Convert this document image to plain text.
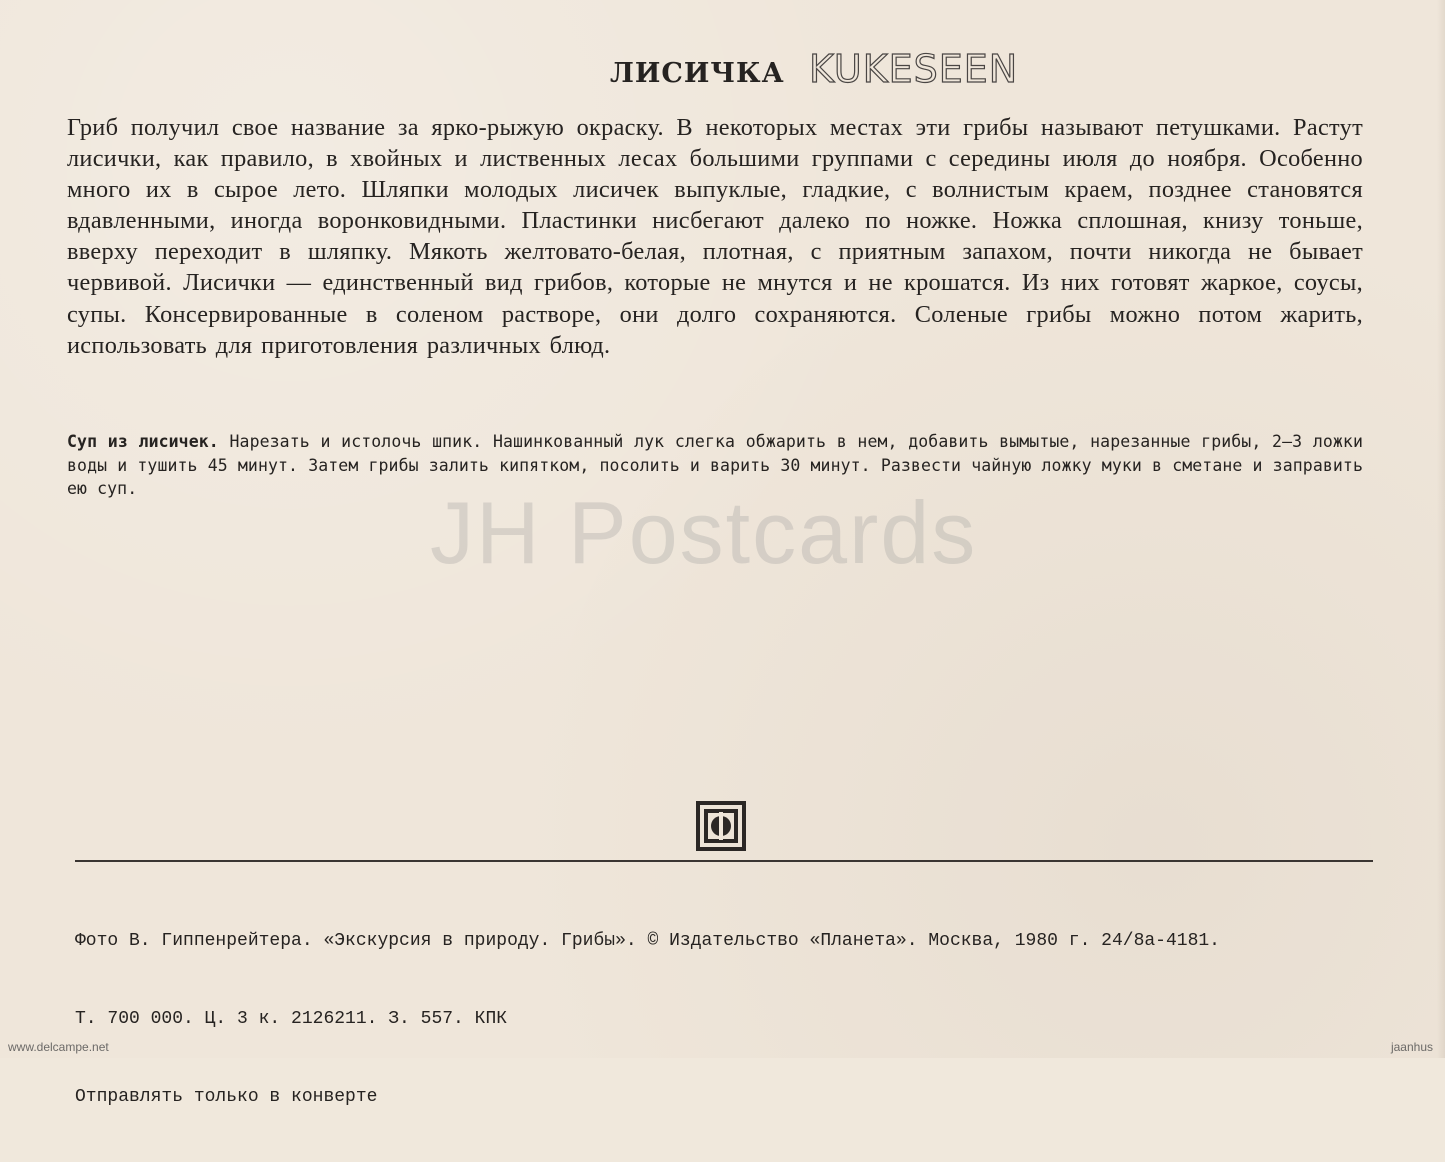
ЛИСИЧКА KUKESEEN

Гриб получил свое название за ярко-рыжую окраску. В некоторых местах эти грибы называют петушками. Растут лисички, как правило, в хвойных и лиственных лесах большими группами с середины июля до ноября. Особенно много их в сырое лето. Шляпки молодых лисичек выпуклые, гладкие, с волнистым краем, позднее становятся вдавленными, иногда воронковидными. Пластинки нисбегают далеко по ножке. Ножка сплошная, книзу тоньше, вверху переходит в шляпку. Мякоть желтовато-белая, плотная, с приятным запахом, почти никогда не бывает червивой. Лисички — единственный вид грибов, которые не мнутся и не крошатся. Из них готовят жаркое, соусы, супы. Консервированные в соленом растворе, они долго сохраняются. Соленые грибы можно потом жарить, использовать для приготовления различных блюд.

Суп из лисичек. Нарезать и истолочь шпик. Нашинкованный лук слегка обжарить в нем, добавить вымытые, нарезанные грибы, 2—3 ложки воды и тушить 45 минут. Затем грибы залить кипятком, посолить и варить 30 минут. Развести чайную ложку муки в сметане и заправить ею суп.	JH Postcards

Фото В. Гиппенрейтера. «Экскурсия в природу. Грибы». © Издательство «Планета». Москва, 1980 г. 24/8а-4181.

Т. 700 000. Ц. 3 к. 2126211. З. 557. КПК

Отправлять только в конверте

www.delcampe.net	jaanhus
